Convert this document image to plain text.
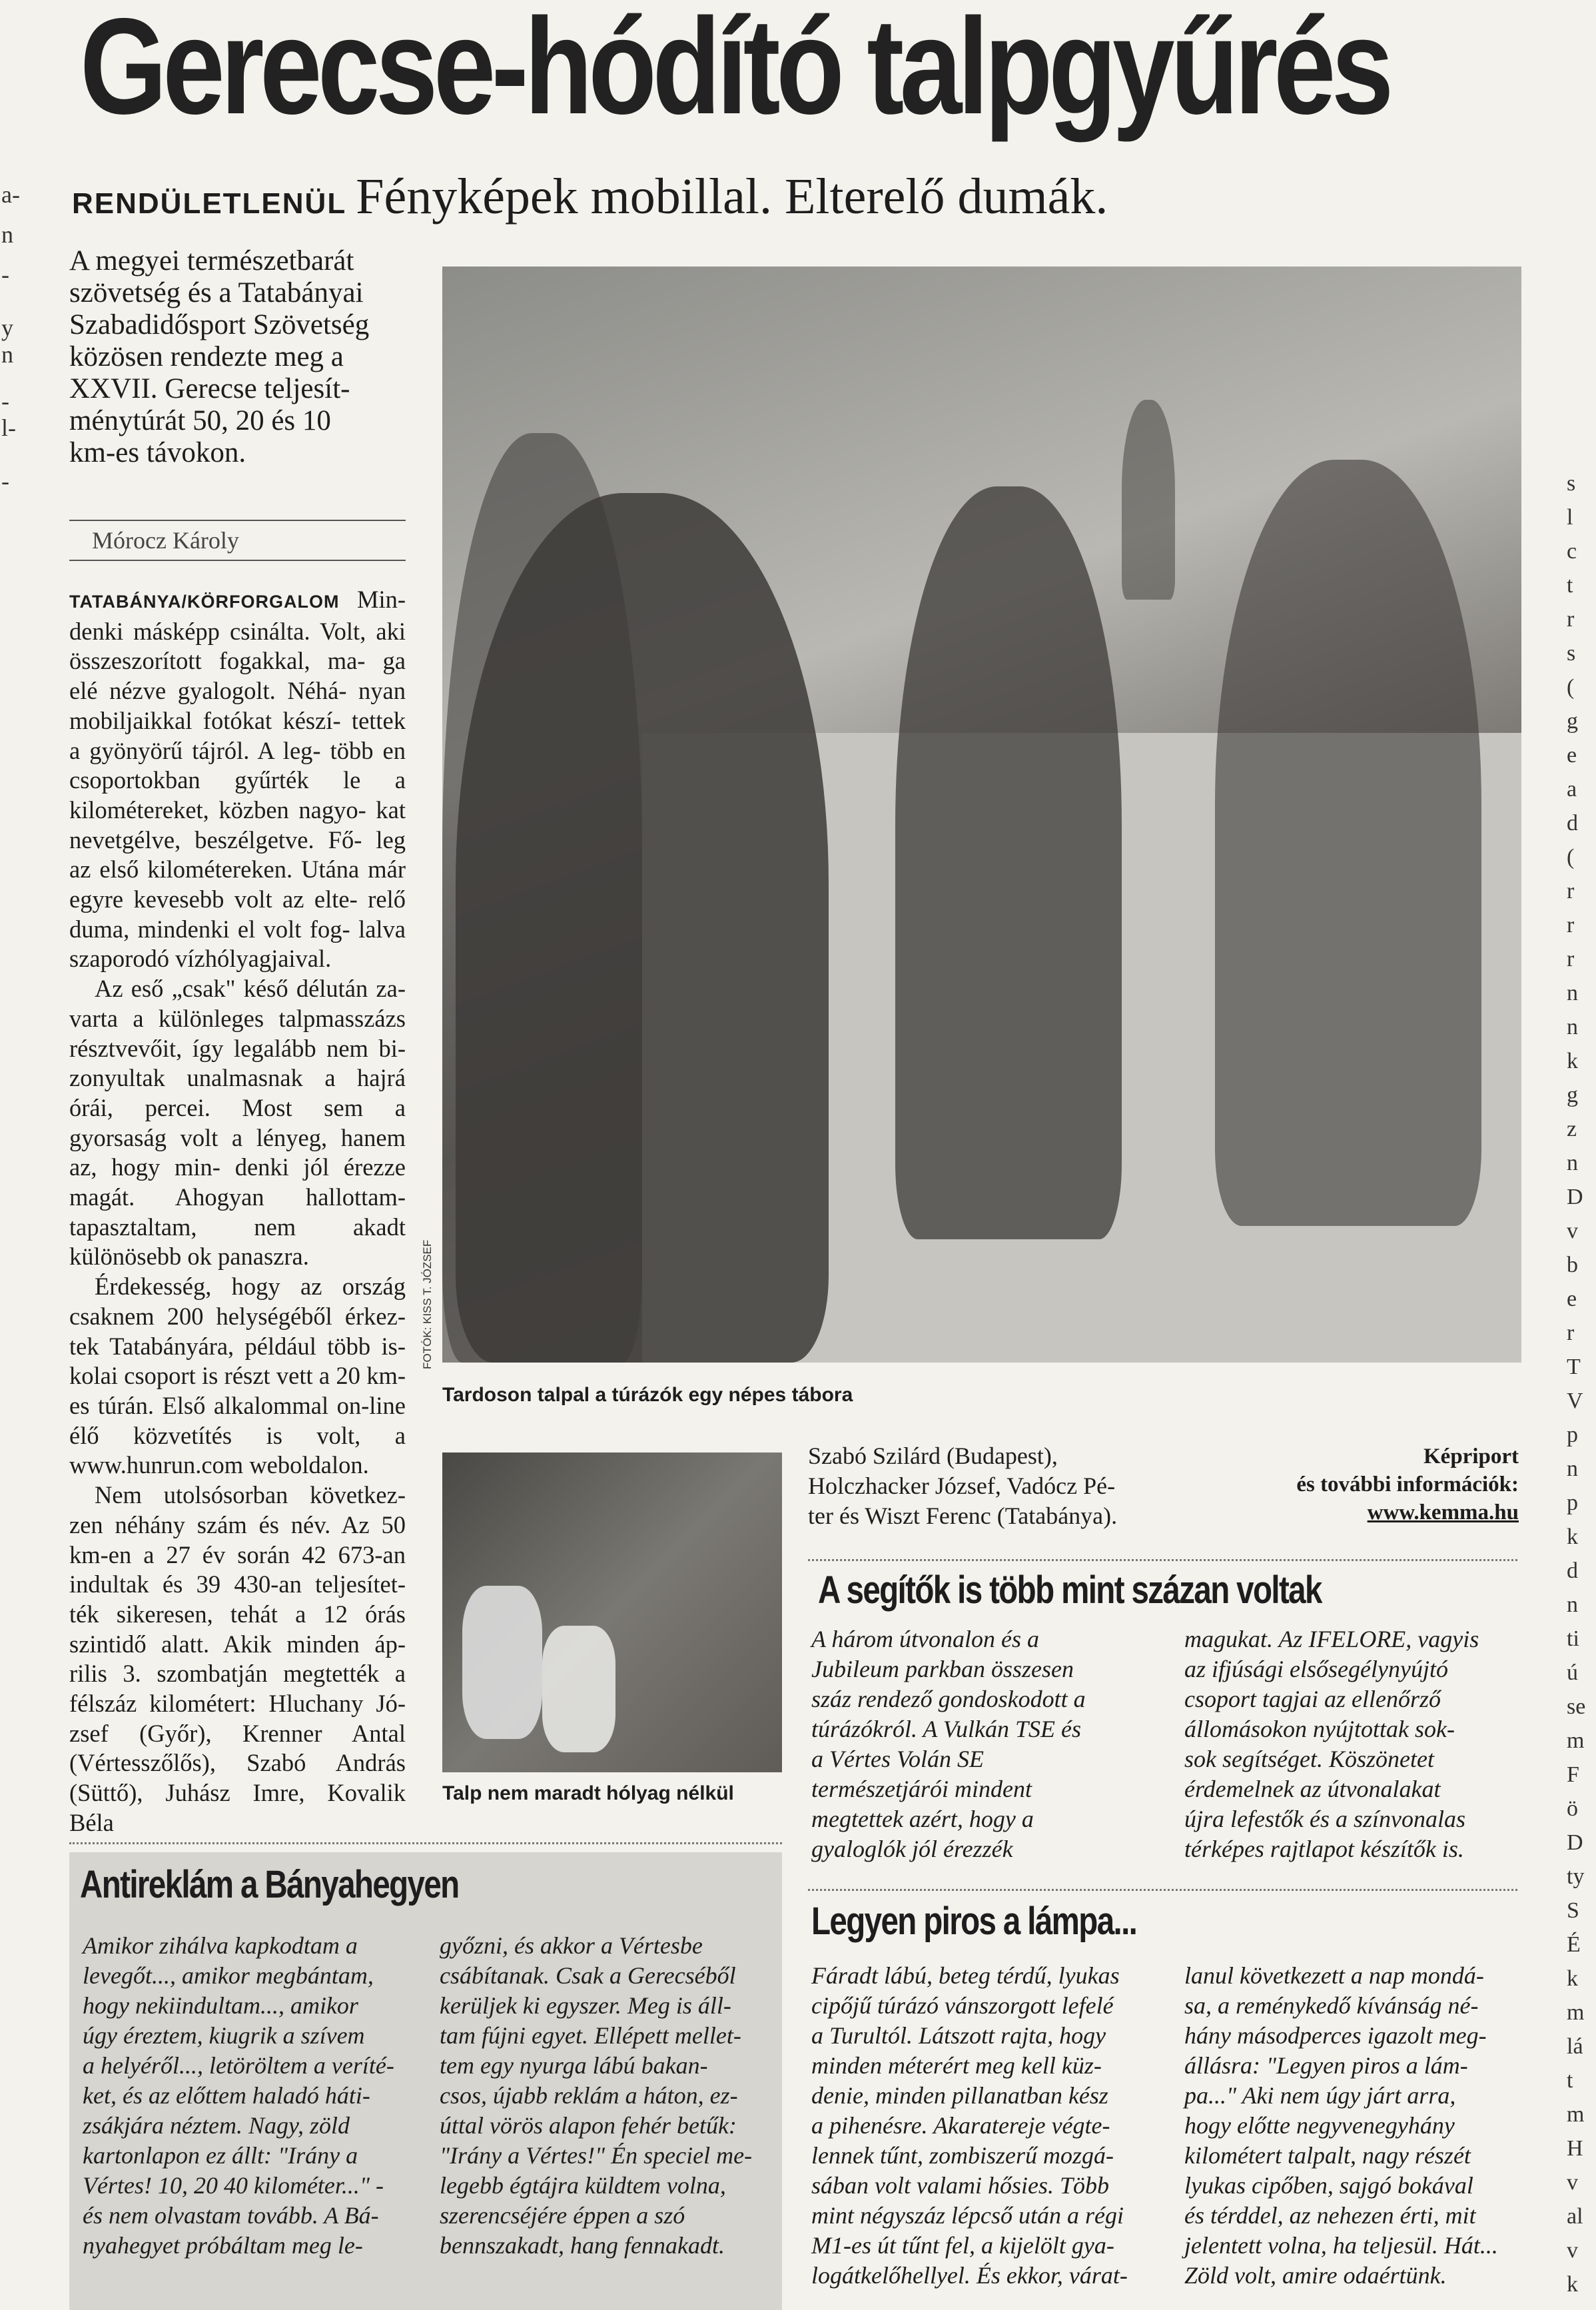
Gerecse-hódító talpgyűrés
RENDÜLETLENÜL Fényképek mobillal. Elterelő dumák.
a-
n
-
y
n
-
l-
-
A megyei természetbarát
szövetség és a Tatabányai
Szabadidősport Szövetség
közösen rendezte meg a
XXVII. Gerecse teljesít-
ménytúrát 50, 20 és 10
km-es távokon.
Mórocz Károly

TATABÁNYA/KÖRFORGALOM Min- denki másképp csinálta. Volt, aki összeszorított fogakkal, ma- ga elé nézve gyalogolt. Néhá- nyan mobiljaikkal fotókat készí- tettek a gyönyörű tájról. A leg- több en csoportokban gyűrték le a kilométereket, közben nagyo- kat nevetgélve, beszélgetve. Fő- leg az első kilométereken. Utána már egyre kevesebb volt az elte- relő duma, mindenki el volt fog- lalva szaporodó vízhólyagjaival.

Az eső „csak" késő délután za- varta a különleges talpmasszázs résztvevőit, így legalább nem bi- zonyultak unalmasnak a hajrá órái, percei. Most sem a gyorsaság volt a lényeg, hanem az, hogy min- denki jól érezze magát. Ahogyan hallottam-tapasztaltam, nem akadt különösebb ok panaszra.

Érdekesség, hogy az ország csaknem 200 helységéből érkez- tek Tatabányára, például több is- kolai csoport is részt vett a 20 km-es túrán. Első alkalommal on-line élő közvetítés is volt, a www.hunrun.com weboldalon.

Nem utolsósorban következ- zen néhány szám és név. Az 50 km-en a 27 év során 42 673-an indultak és 39 430-an teljesítet- ték sikeresen, tehát a 12 órás szintidő alatt. Akik minden áp- rilis 3. szombatján megtették a félszáz kilométert: Hluchany Jó- zsef (Győr), Krenner Antal (Vértesszőlős), Szabó András (Süttő), Juhász Imre, Kovalik Béla

FOTÓK: KISS T. JÓZSEF
Tardoson talpal a túrázók egy népes tábora
Talp nem maradt hólyag nélkül
Szabó Szilárd (Budapest),
Holczhacker József, Vadócz Pé-
ter és Wiszt Ferenc (Tatabánya).
Képriport
és további információk:
www.kemma.hu
A segítők is több mint százan voltak
A három útvonalon és a
Jubileum parkban összesen
száz rendező gondoskodott a
túrázókról. A Vulkán TSE és
a Vértes Volán SE
természetjárói mindent
megtettek azért, hogy a
gyaloglók jól érezzék
magukat. Az IFELORE, vagyis
az ifjúsági elsősegélynyújtó
csoport tagjai az ellenőrző
állomásokon nyújtottak sok-
sok segítséget. Köszönetet
érdemelnek az útvonalakat
újra lefestők és a színvonalas
térképes rajtlapot készítők is.
Antireklám a Bányahegyen
Amikor zihálva kapkodtam a
levegőt..., amikor megbántam,
hogy nekiindultam..., amikor
úgy éreztem, kiugrik a szívem
a helyéről..., letöröltem a veríté-
ket, és az előttem haladó háti-
zsákjára néztem. Nagy, zöld
kartonlapon ez állt: "Irány a
Vértes! 10, 20 40 kilométer..." -
és nem olvastam tovább. A Bá-
nyahegyet próbáltam meg le-
győzni, és akkor a Vértesbe
csábítanak. Csak a Gerecséből
kerüljek ki egyszer. Meg is áll-
tam fújni egyet. Ellépett mellet-
tem egy nyurga lábú bakan-
csos, újabb reklám a háton, ez-
úttal vörös alapon fehér betűk:
"Irány a Vértes!" Én speciel me-
legebb égtájra küldtem volna,
szerencséjére éppen a szó
bennszakadt, hang fennakadt.
Legyen piros a lámpa...
Fáradt lábú, beteg térdű, lyukas
cipőjű túrázó vánszorgott lefelé
a Turultól. Látszott rajta, hogy
minden méterért meg kell küz-
denie, minden pillanatban kész
a pihenésre. Akaratereje végte-
lennek tűnt, zombiszerű mozgá-
sában volt valami hősies. Több
mint négyszáz lépcső után a régi
M1-es út tűnt fel, a kijelölt gya-
logátkelőhellyel. És ekkor, várat-
lanul következett a nap mondá-
sa, a reménykedő kívánság né-
hány másodperces igazolt meg-
állásra: "Legyen piros a lám-
pa..." Aki nem úgy járt arra,
hogy előtte negyvenegyhány
kilométert talpalt, nagy részét
lyukas cipőben, sajgó bokával
és térddel, az nehezen érti, mit
jelentett volna, ha teljesül. Hát...
Zöld volt, amire odaértünk.
s
l
c
t
r
s
(
g
e
a
d
(
r
r
r
n
n
k
g
z
n
D
v
b
e
r
T
V
p
n
p
k
d
n
ti
ú
se
m
F
ö
D
ty
S
É
k
m
lá
t
m
H
v
al
v
k
